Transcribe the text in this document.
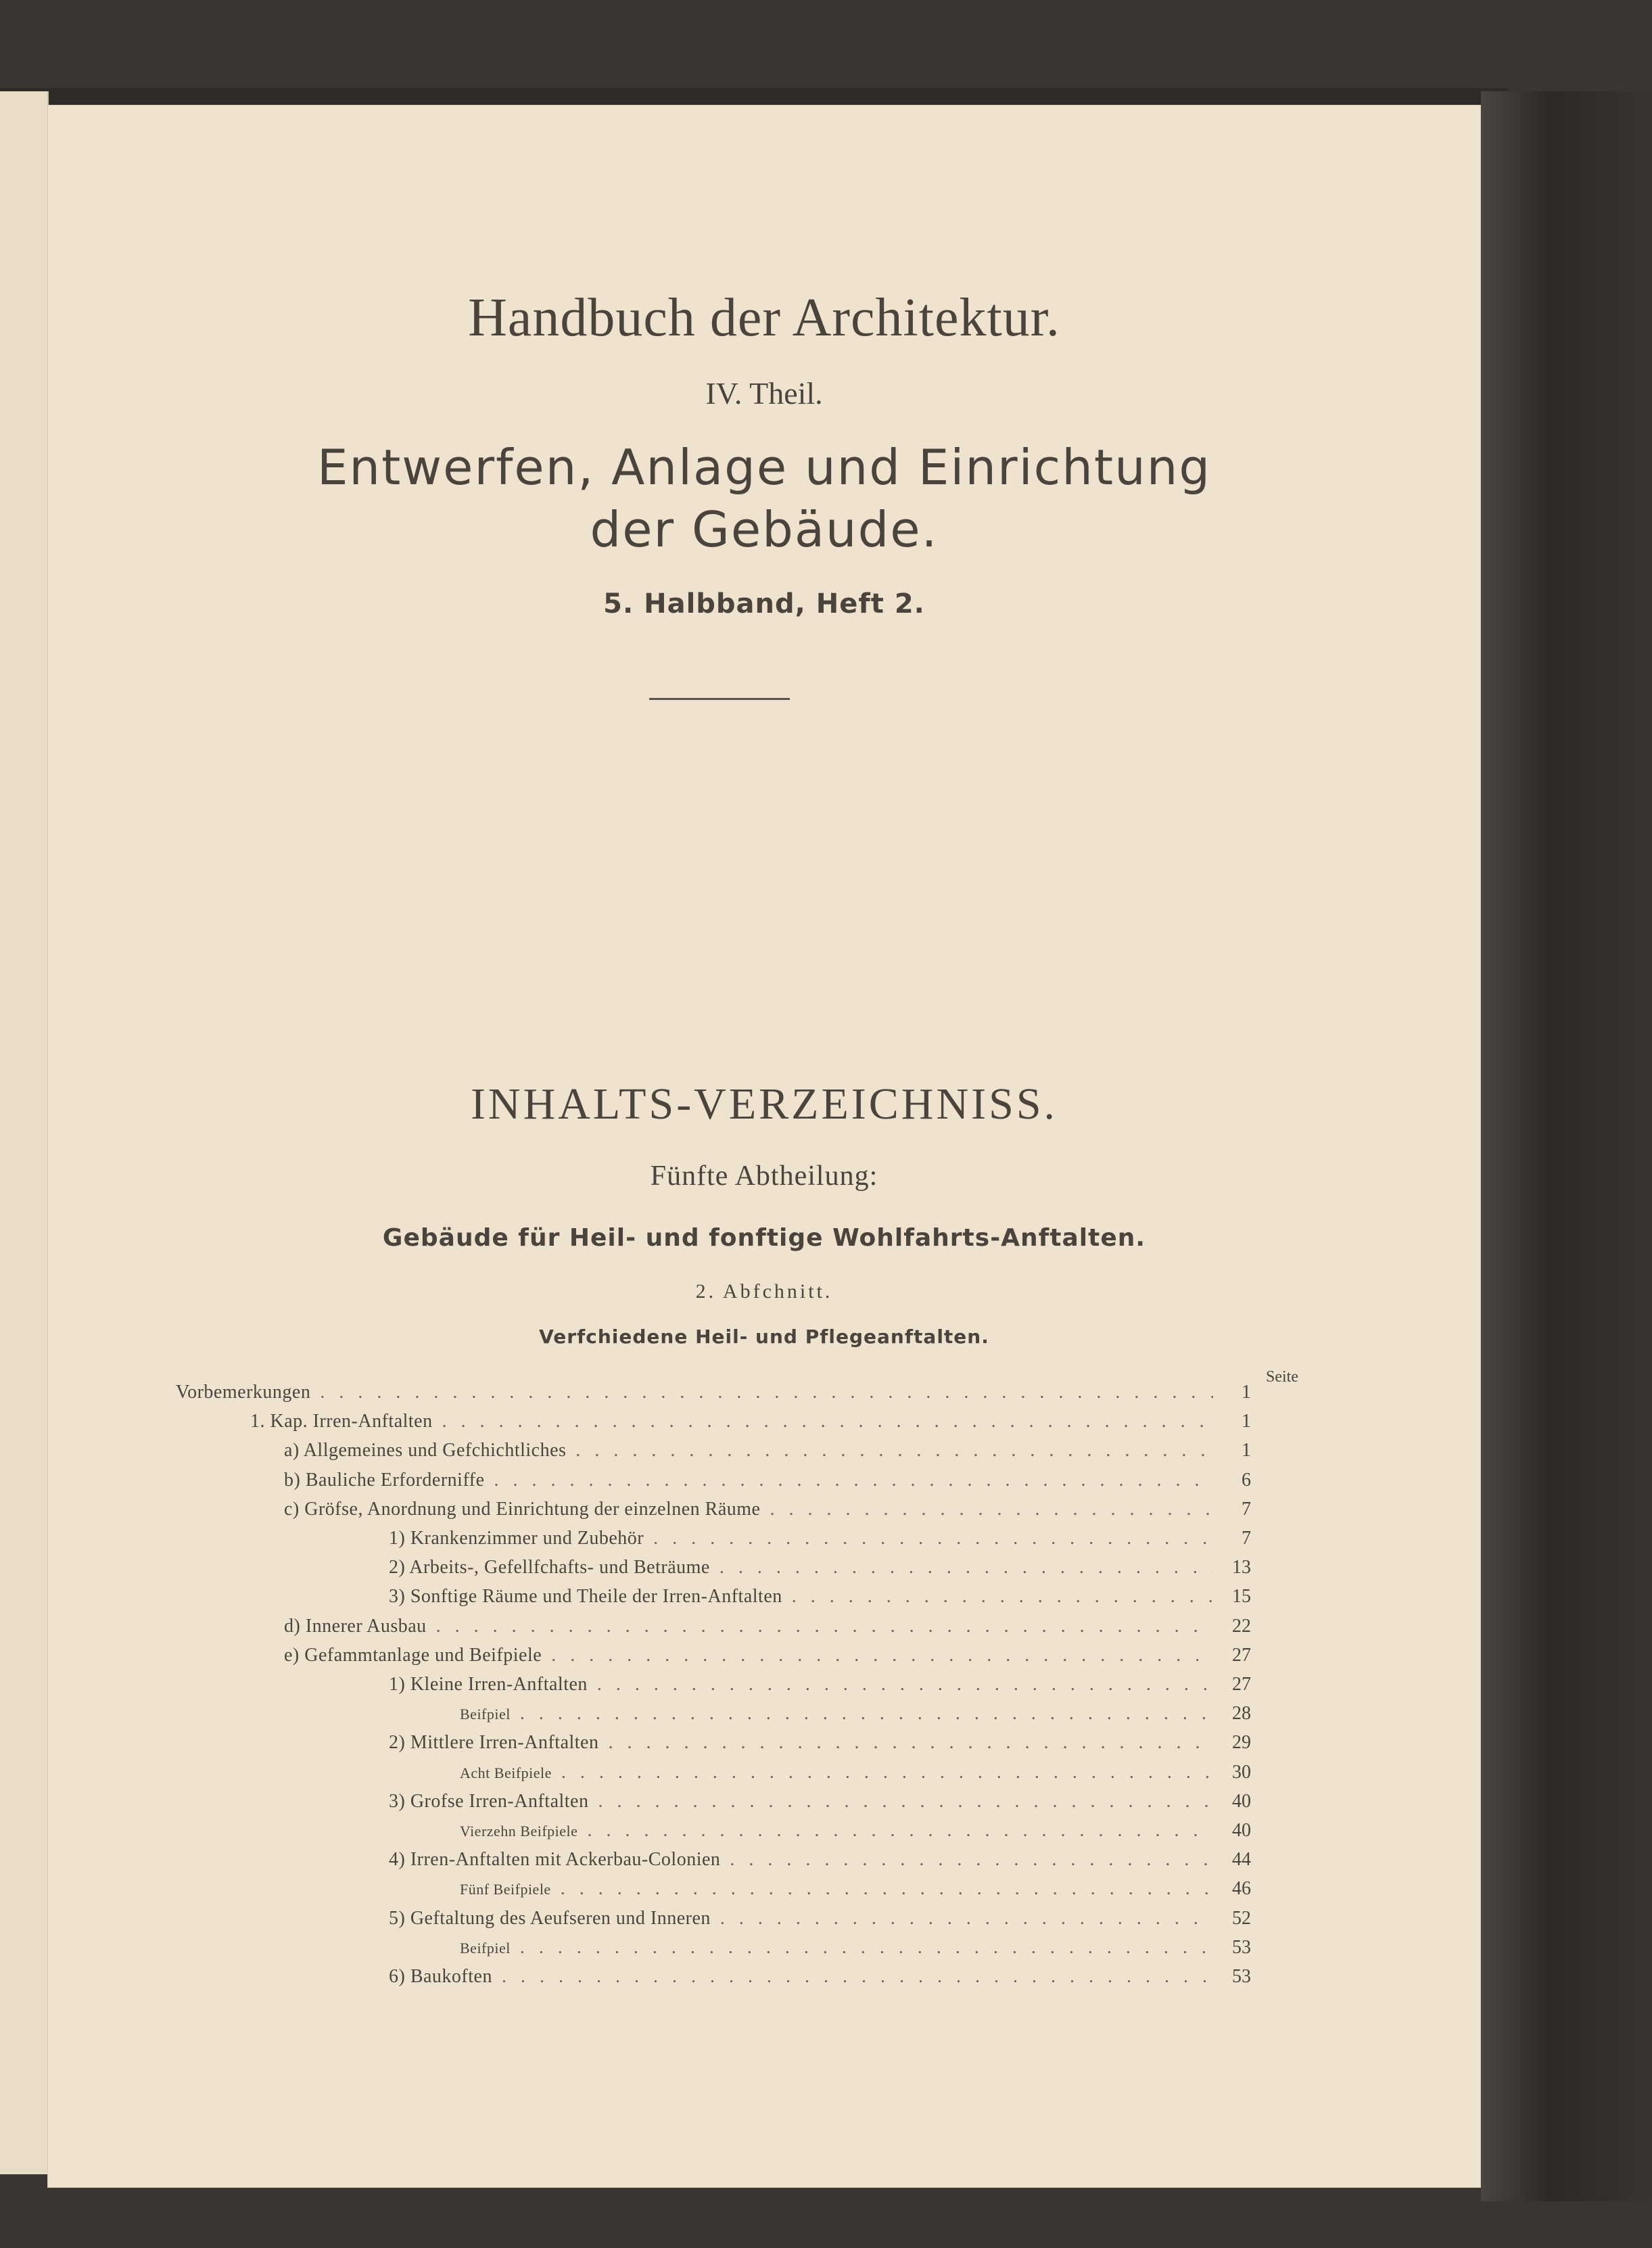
Handbuch der Architektur.
IV. Theil.
Entwerfen, Anlage und Einrichtung
der Gebäude.
5. Halbband, Heft 2.
INHALTS-VERZEICHNISS.
Fünfte Abtheilung:
Gebäude für Heil- und fonftige Wohlfahrts-Anftalten.
2. Abfchnitt.
Verfchiedene Heil- und Pflegeanftalten.
Seite
Vorbemerkungen . . .	1
1. Kap. Irren-Anftalten . . .	1
a) Allgemeines und Gefchichtliches . . .	1
b) Bauliche Erforderniffe . . .	6
c) Gröfse, Anordnung und Einrichtung der einzelnen Räume . . .	7
1) Krankenzimmer und Zubehör . . .	7
2) Arbeits-, Gefellfchafts- und Beträume . . .	13
3) Sonftige Räume und Theile der Irren-Anftalten . . .	15
d) Innerer Ausbau . . .	22
e) Gefammtanlage und Beifpiele . . .	27
1) Kleine Irren-Anftalten . . .	27
Beifpiel . . .	28
2) Mittlere Irren-Anftalten . . .	29
Acht Beifpiele . . .	30
3) Grofse Irren-Anftalten . . .	40
Vierzehn Beifpiele . . .	40
4) Irren-Anftalten mit Ackerbau-Colonien . . .	44
Fünf Beifpiele . . .	46
5) Geftaltung des Aeufseren und Inneren . . .	52
Beifpiel . . .	53
6) Baukoften . . .	53
